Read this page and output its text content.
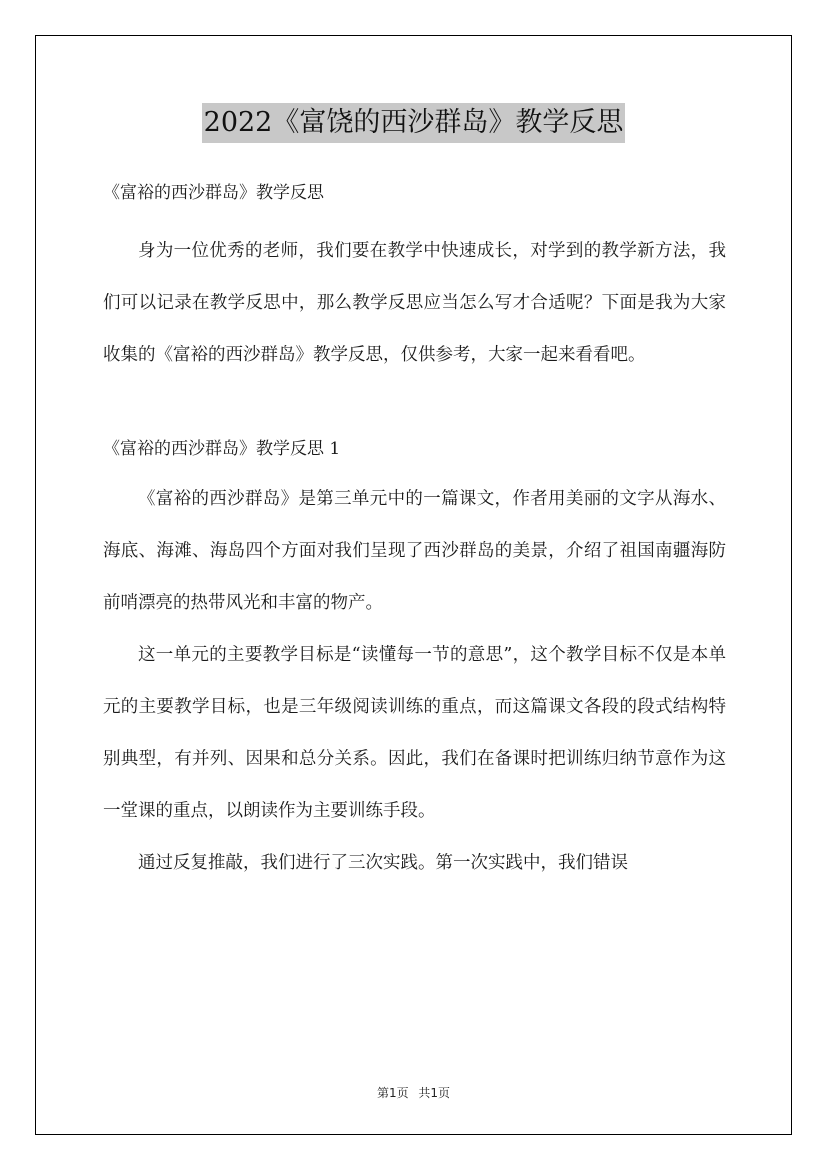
2022《富饶的西沙群岛》教学反思

《富裕的西沙群岛》教学反思

身为一位优秀的老师，我们要在教学中快速成长，对学到的教学新方法，我们可以记录在教学反思中，那么教学反思应当怎么写才合适呢？下面是我为大家收集的《富裕的西沙群岛》教学反思，仅供参考，大家一起来看看吧。

《富裕的西沙群岛》教学反思 1

《富裕的西沙群岛》是第三单元中的一篇课文，作者用美丽的文字从海水、海底、海滩、海岛四个方面对我们呈现了西沙群岛的美景，介绍了祖国南疆海防前哨漂亮的热带风光和丰富的物产。

这一单元的主要教学目标是“读懂每一节的意思”，这个教学目标不仅是本单元的主要教学目标，也是三年级阅读训练的重点，而这篇课文各段的段式结构特别典型，有并列、因果和总分关系。因此，我们在备课时把训练归纳节意作为这一堂课的重点，以朗读作为主要训练手段。

通过反复推敲，我们进行了三次实践。第一次实践中，我们错误

第1页 共1页
